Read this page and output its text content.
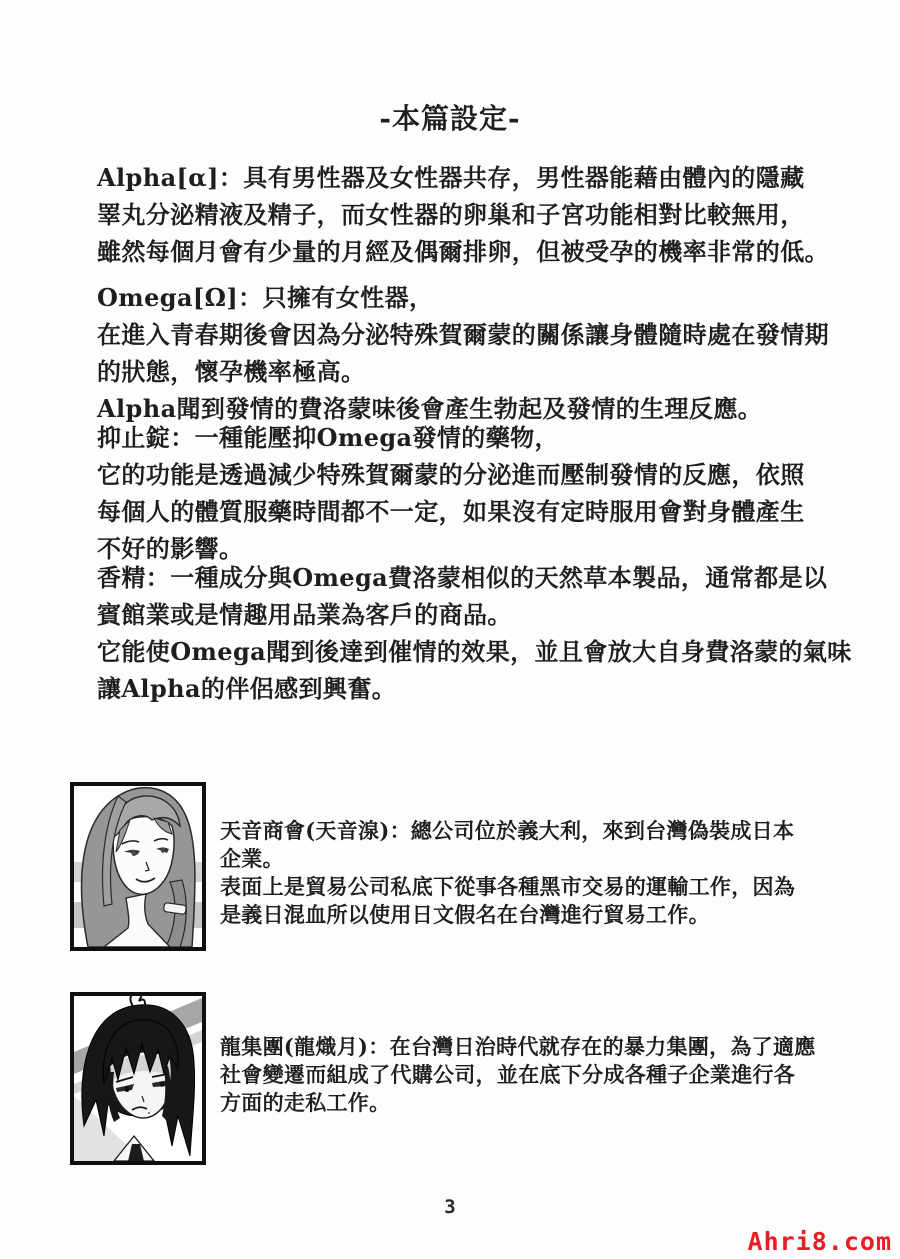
-本篇設定-
Alpha[α]：具有男性器及女性器共存，男性器能藉由體內的隱藏
睪丸分泌精液及精子，而女性器的卵巢和子宮功能相對比較無用，
雖然每個月會有少量的月經及偶爾排卵，但被受孕的機率非常的低。
Omega[Ω]：只擁有女性器，
在進入青春期後會因為分泌特殊賀爾蒙的關係讓身體隨時處在發情期
的狀態，懷孕機率極高。
Alpha聞到發情的費洛蒙味後會產生勃起及發情的生理反應。
抑止錠：一種能壓抑Omega發情的藥物，
它的功能是透過減少特殊賀爾蒙的分泌進而壓制發情的反應，依照
每個人的體質服藥時間都不一定，如果沒有定時服用會對身體產生
不好的影響。
香精：一種成分與Omega費洛蒙相似的天然草本製品，通常都是以
賓館業或是情趣用品業為客戶的商品。
它能使Omega聞到後達到催情的效果，並且會放大自身費洛蒙的氣味
讓Alpha的伴侶感到興奮。
天音商會(天音湶)：總公司位於義大利，來到台灣偽裝成日本
企業。
表面上是貿易公司私底下從事各種黑市交易的運輸工作，因為
是義日混血所以使用日文假名在台灣進行貿易工作。
龍集團(龍熾月)：在台灣日治時代就存在的暴力集團，為了適應
社會變遷而組成了代購公司，並在底下分成各種子企業進行各
方面的走私工作。
3
Ahri8.com
